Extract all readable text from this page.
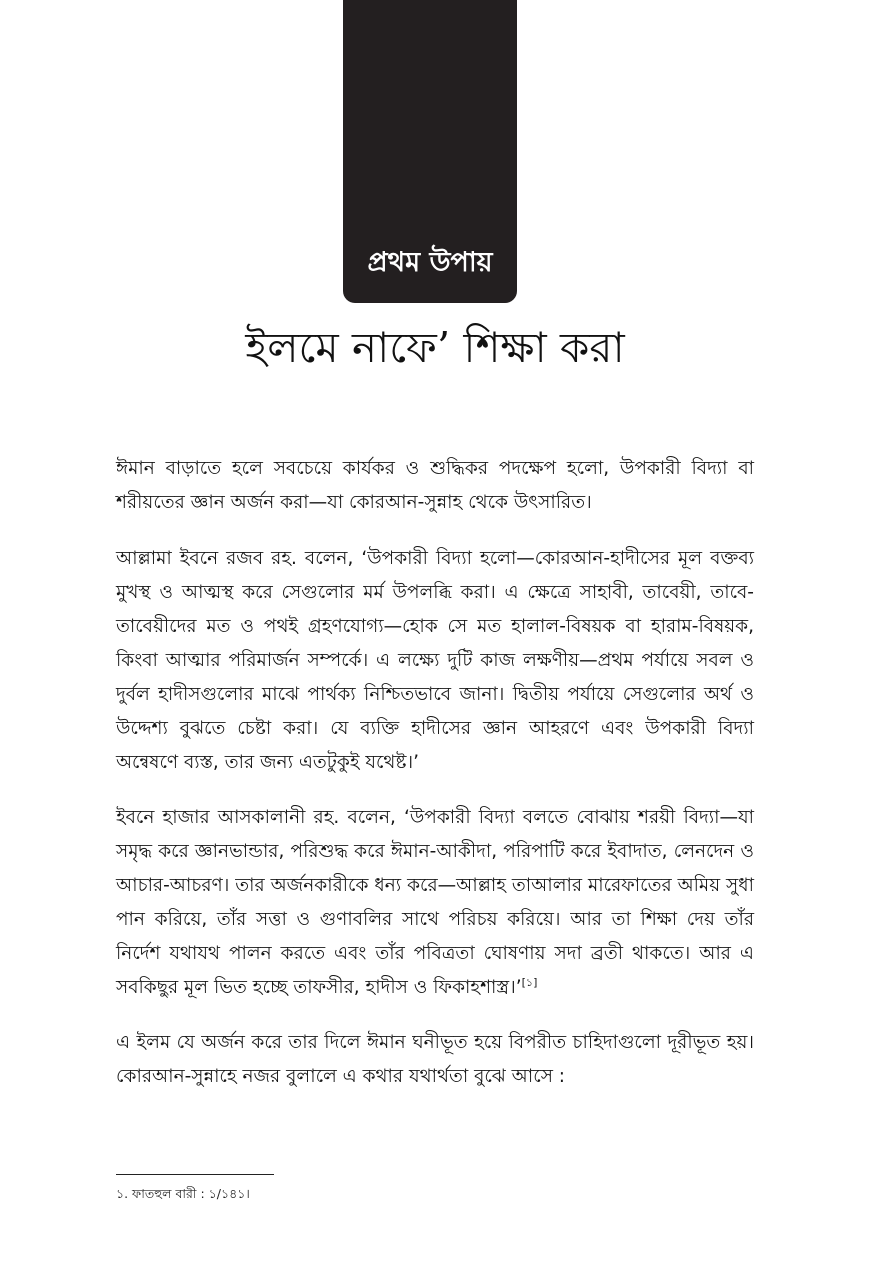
প্রথম উপায়
ইলমে নাফে’ শিক্ষা করা

ঈমান বাড়াতে হলে সবচেয়ে কার্যকর ও শুদ্ধিকর পদক্ষেপ হলো, উপকারী বিদ্যা বা শরীয়তের জ্ঞান অর্জন করা—যা কোরআন-সুন্নাহ থেকে উৎসারিত।

আল্লামা ইবনে রজব রহ. বলেন, ‘উপকারী বিদ্যা হলো—কোরআন-হাদীসের মূল বক্তব্য মুখস্থ ও আত্মস্থ করে সেগুলোর মর্ম উপলব্ধি করা। এ ক্ষেত্রে সাহাবী, তাবেয়ী, তাবে-তাবেয়ীদের মত ও পথই গ্রহণযোগ্য—হোক সে মত হালাল-বিষয়ক বা হারাম-বিষয়ক, কিংবা আত্মার পরিমার্জন সম্পর্কে। এ লক্ষ্যে দুটি কাজ লক্ষণীয়—প্রথম পর্যায়ে সবল ও দুর্বল হাদীসগুলোর মাঝে পার্থক্য নিশ্চিতভাবে জানা। দ্বিতীয় পর্যায়ে সেগুলোর অর্থ ও উদ্দেশ্য বুঝতে চেষ্টা করা। যে ব্যক্তি হাদীসের জ্ঞান আহরণে এবং উপকারী বিদ্যা অন্বেষণে ব্যস্ত, তার জন্য এতটুকুই যথেষ্ট।’

ইবনে হাজার আসকালানী রহ. বলেন, ‘উপকারী বিদ্যা বলতে বোঝায় শরয়ী বিদ্যা—যা সমৃদ্ধ করে জ্ঞানভান্ডার, পরিশুদ্ধ করে ঈমান-আকীদা, পরিপাটি করে ইবাদাত, লেনদেন ও আচার-আচরণ। তার অর্জনকারীকে ধন্য করে—আল্লাহ তাআলার মারেফাতের অমিয় সুধা পান করিয়ে, তাঁর সত্তা ও গুণাবলির সাথে পরিচয় করিয়ে। আর তা শিক্ষা দেয় তাঁর নির্দেশ যথাযথ পালন করতে এবং তাঁর পবিত্রতা ঘোষণায় সদা ব্রতী থাকতে। আর এ সবকিছুর মূল ভিত হচ্ছে তাফসীর, হাদীস ও ফিকাহশাস্ত্র।’[১]

এ ইলম যে অর্জন করে তার দিলে ঈমান ঘনীভূত হয়ে বিপরীত চাহিদাগুলো দূরীভূত হয়। কোরআন-সুন্নাহে নজর বুলালে এ কথার যথার্থতা বুঝে আসে :

১. ফাতহুল বারী : ১/১৪১।
